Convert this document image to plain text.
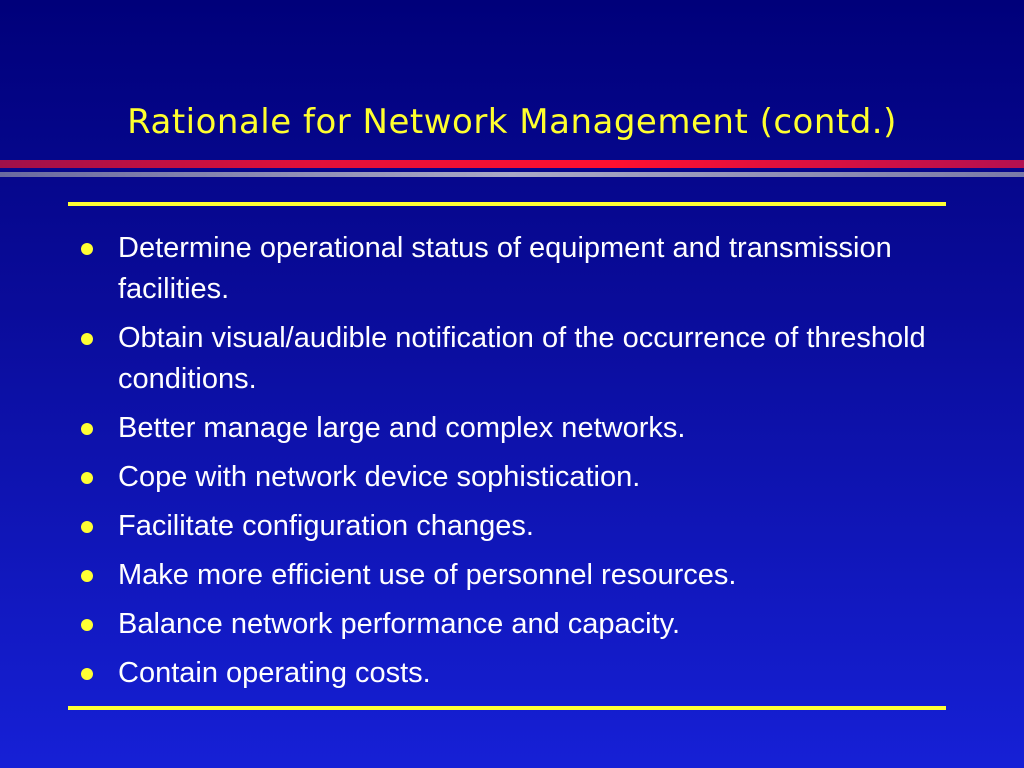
Rationale for Network Management (contd.)
Determine operational status of equipment and transmission facilities.
Obtain visual/audible notification of the occurrence of threshold conditions.
Better manage large and complex networks.
Cope with network device sophistication.
Facilitate configuration changes.
Make more efficient use of personnel resources.
Balance network performance and capacity.
Contain operating costs.
